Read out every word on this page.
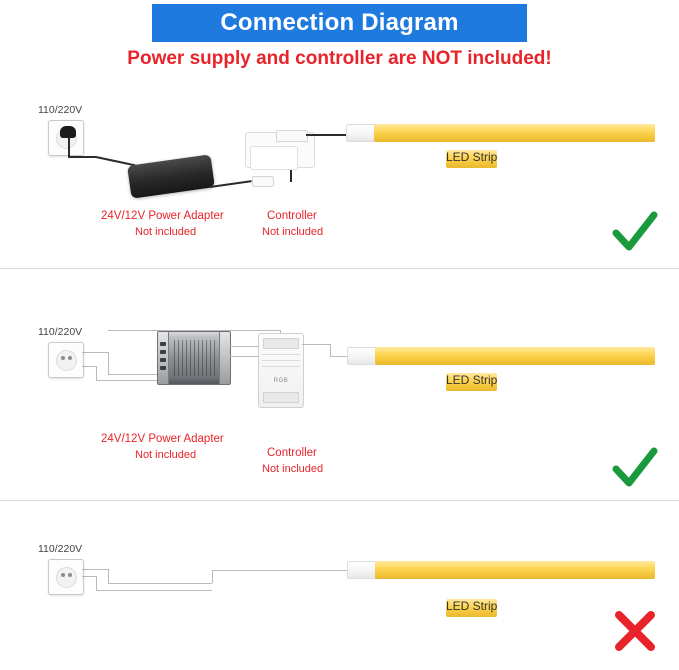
Connection Diagram
Power supply and controller are NOT included!
110/220V
LED Strip
24V/12V Power Adapter
Not included
Controller
Not included
110/220V
RGB	LED Strip
24V/12V Power Adapter
Not included	Controller
Not included
110/220V
LED Strip
